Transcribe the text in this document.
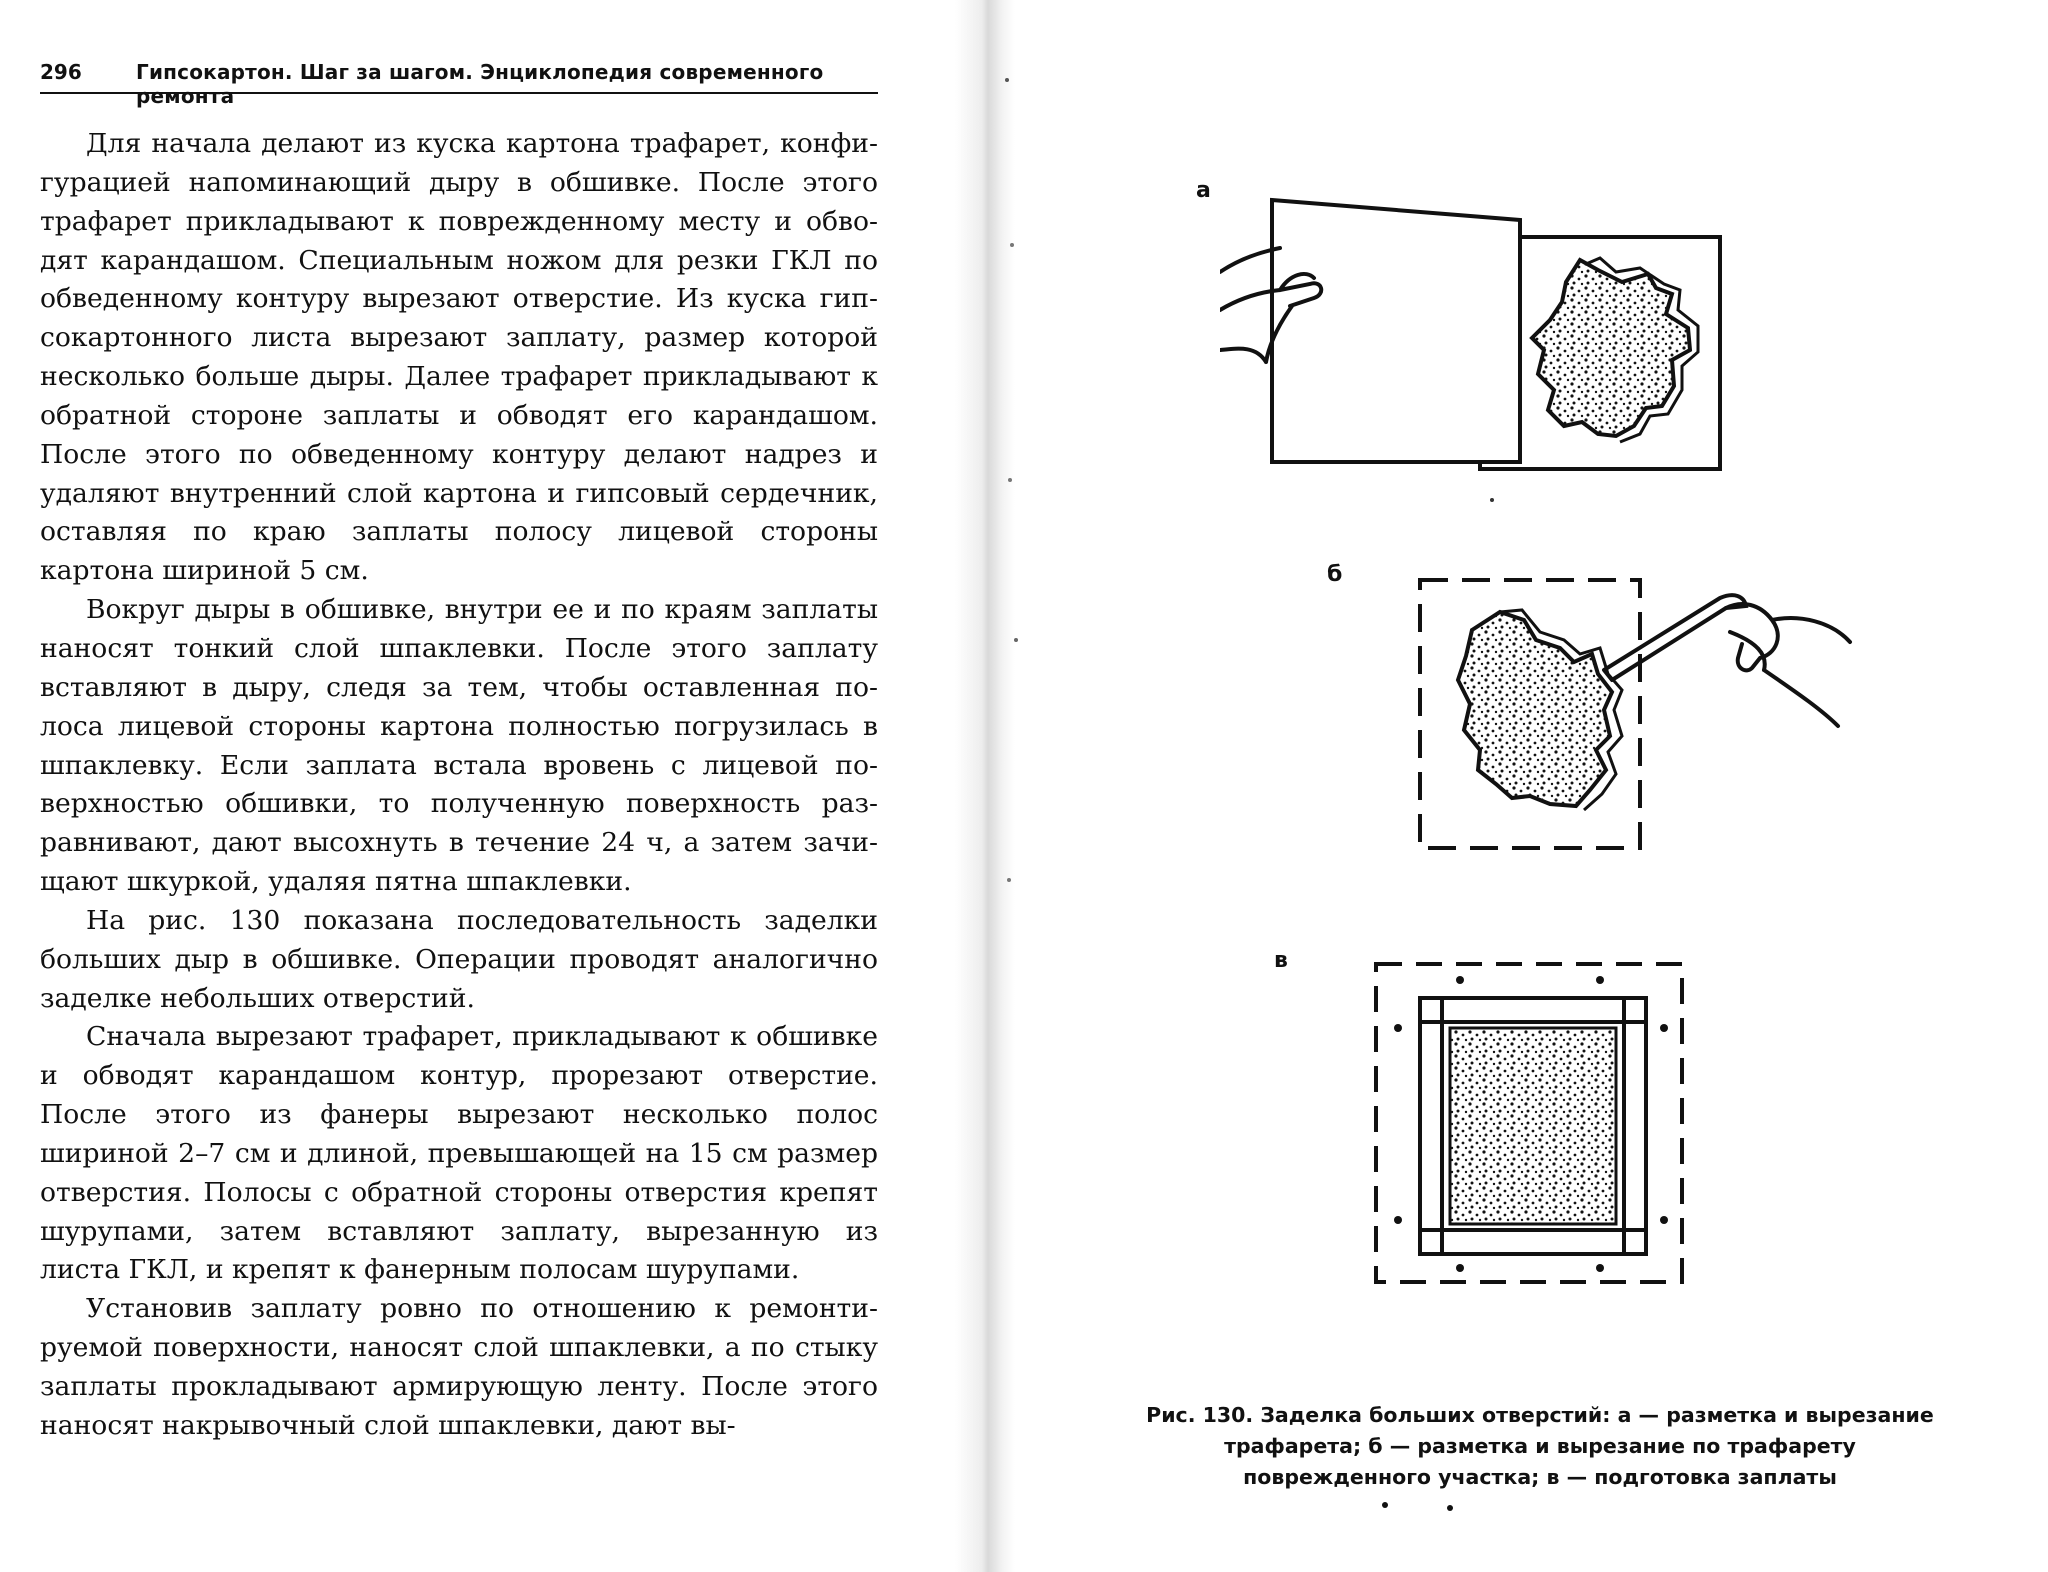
296	Гипсокартон. Шаг за шагом. Энциклопедия современного ремонта

Для начала делают из куска картона трафарет, конфигурацией напоминающий дыру в обшивке. После этого трафарет прикладывают к поврежденному месту и обводят карандашом. Специальным ножом для резки ГКЛ по обведенному контуру вырезают отверстие. Из куска гипсокартонного листа вырезают заплату, размер которой несколько больше дыры. Далее трафарет прикладывают к обратной стороне заплаты и обводят его карандашом. После этого по обведенному контуру делают надрез и удаляют внутренний слой картона и гипсовый сердечник, оставляя по краю заплаты полосу лицевой стороны картона шириной 5 см.

Вокруг дыры в обшивке, внутри ее и по краям заплаты наносят тонкий слой шпаклевки. После этого заплату вставляют в дыру, следя за тем, чтобы оставленная полоса лицевой стороны картона полностью погрузилась в шпаклевку. Если заплата встала вровень с лицевой поверхностью обшивки, то полученную поверхность разравнивают, дают высохнуть в течение 24 ч, а затем зачищают шкуркой, удаляя пятна шпаклевки.

На рис. 130 показана последовательность заделки больших дыр в обшивке. Операции проводят аналогично заделке небольших отверстий.

Сначала вырезают трафарет, прикладывают к обшивке и обводят карандашом контур, прорезают отверстие. После этого из фанеры вырезают несколько полос шириной 2–7 см и длиной, превышающей на 15 см размер отверстия. Полосы с обратной стороны отверстия крепят шурупами, затем вставляют заплату, вырезанную из листа ГКЛ, и крепят к фанерным полосам шурупами.

Установив заплату ровно по отношению к ремонтируемой поверхности, наносят слой шпаклевки, а по стыку заплаты прокладывают армирующую ленту. После этого наносят накрывочный слой шпаклевки, дают вы-

а
б
в
Рис. 130. Заделка больших отверстий: а — разметка и вырезание
трафарета; б — разметка и вырезание по трафарету
поврежденного участка; в — подготовка заплаты
